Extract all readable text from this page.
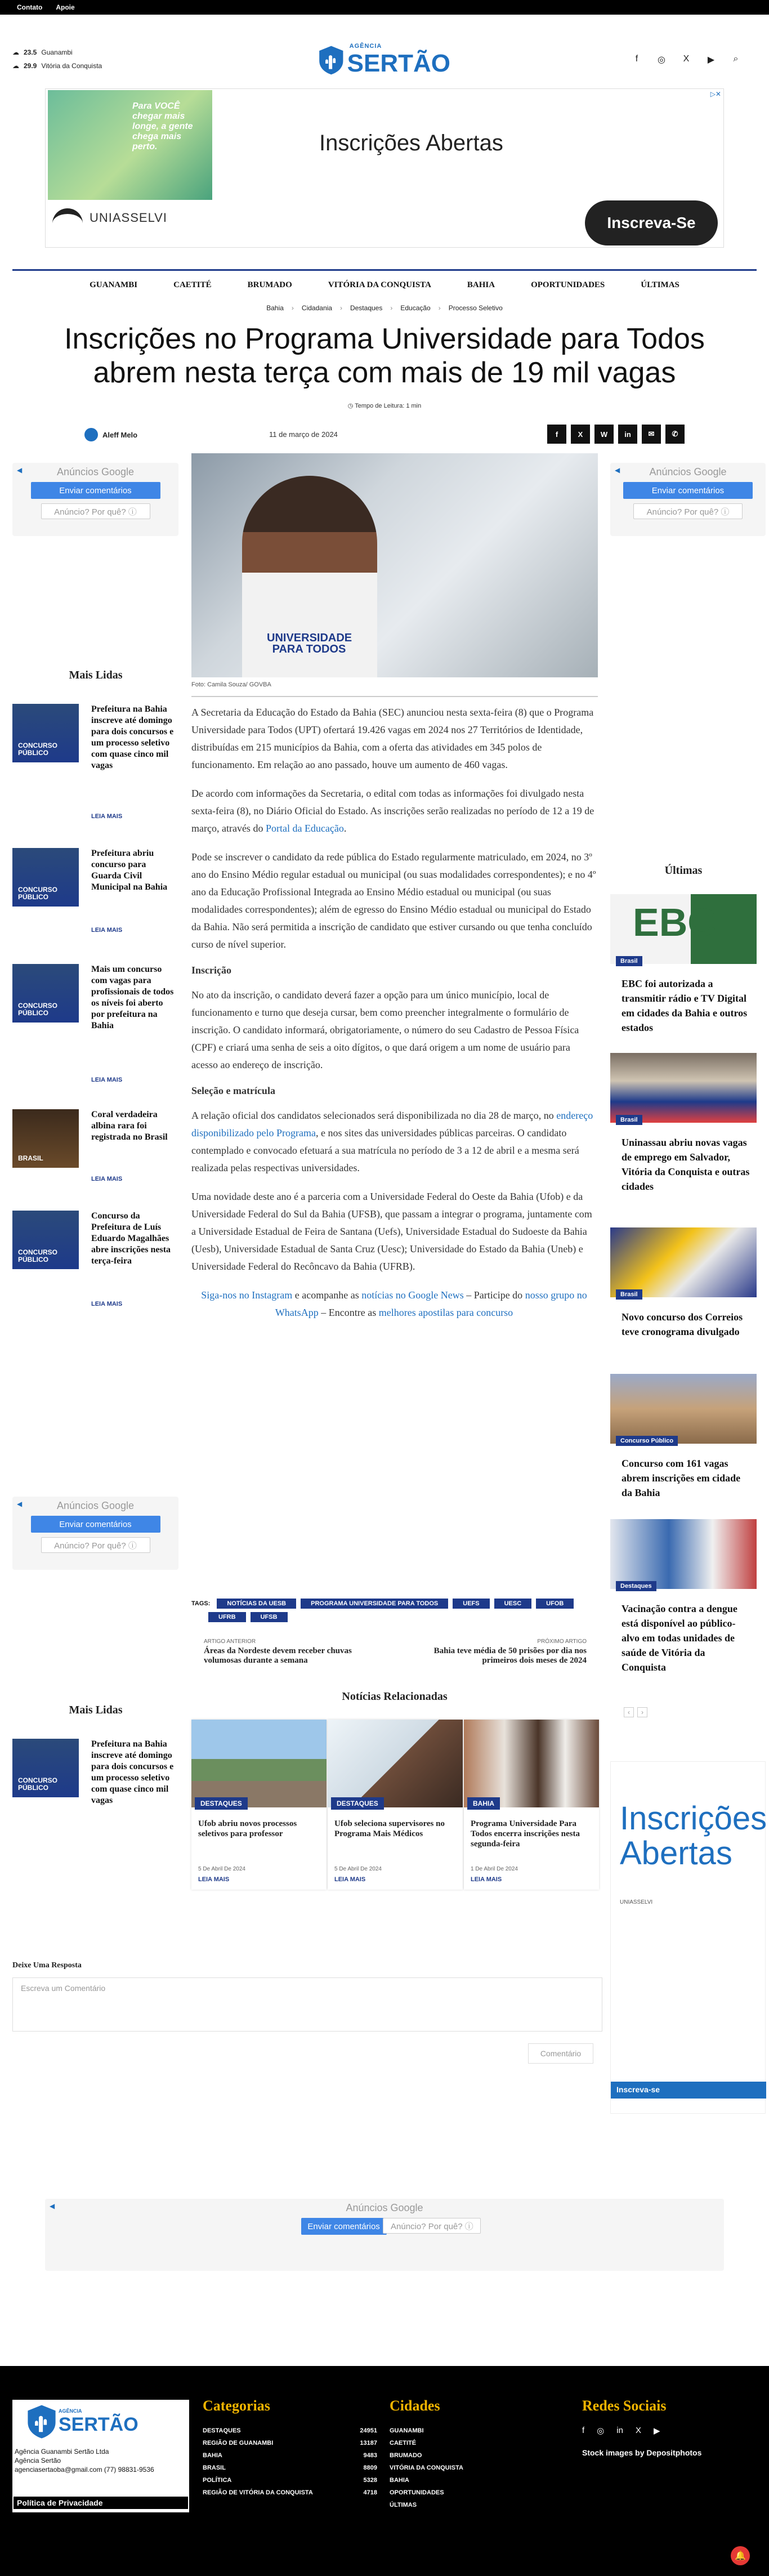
Contato Apoie
☁ 23.5 Guanambi
☁ 29.9 Vitória da Conquista
AGÊNCIA
SERTÃO	f	◎ X ▶ ⌕
Para VOCÊ chegar mais longe, a gente chega mais perto.	Inscrições Abertas
UNIASSELVI	Inscreva-Se
▷✕
GUANAMBI	CAETITÉ	BRUMADO	VITÓRIA DA CONQUISTA	BAHIA	OPORTUNIDADES	ÚLTIMAS
Bahia › Cidadania › Destaques › Educação › Processo Seletivo
Inscrições no Programa Universidade para Todos abrem nesta terça com mais de 19 mil vagas
◷ Tempo de Leitura: 1 min
Aleff Melo	11 de março de 2024	f	X	W	in	✉	✆
◀	Anúncios Google
Enviar comentários
Anúncio? Por quê? ⓘ
◀	Anúncios Google
Enviar comentários
Anúncio? Por quê? ⓘ
UNIVERSIDADE PARA TODOS
Foto: Camila Souza/ GOVBA

A Secretaria da Educação do Estado da Bahia (SEC) anunciou nesta sexta-feira (8) que o Programa Universidade para Todos (UPT) ofertará 19.426 vagas em 2024 nos 27 Territórios de Identidade, distribuídas em 215 municípios da Bahia, com a oferta das atividades em 345 polos de funcionamento. Em relação ao ano passado, houve um aumento de 460 vagas.

De acordo com informações da Secretaria, o edital com todas as informações foi divulgado nesta sexta-feira (8), no Diário Oficial do Estado. As inscrições serão realizadas no período de 12 a 19 de março, através do Portal da Educação.

Pode se inscrever o candidato da rede pública do Estado regularmente matriculado, em 2024, no 3º ano do Ensino Médio regular estadual ou municipal (ou suas modalidades correspondentes); e no 4º ano da Educação Profissional Integrada ao Ensino Médio estadual ou municipal (ou suas modalidades correspondentes); além de egresso do Ensino Médio estadual ou municipal do Estado da Bahia. Não será permitida a inscrição de candidato que estiver cursando ou que tenha concluído curso de nível superior.

Inscrição

No ato da inscrição, o candidato deverá fazer a opção para um único município, local de funcionamento e turno que deseja cursar, bem como preencher integralmente o formulário de inscrição. O candidato informará, obrigatoriamente, o número do seu Cadastro de Pessoa Física (CPF) e criará uma senha de seis a oito dígitos, o que dará origem a um nome de usuário para acesso ao endereço de inscrição.

Seleção e matrícula

A relação oficial dos candidatos selecionados será disponibilizada no dia 28 de março, no endereço disponibilizado pelo Programa, e nos sites das universidades públicas parceiras. O candidato contemplado e convocado efetuará a sua matrícula no período de 3 a 12 de abril e a mesma será realizada pelas respectivas universidades.

Uma novidade deste ano é a parceria com a Universidade Federal do Oeste da Bahia (Ufob) e da Universidade Federal do Sul da Bahia (UFSB), que passam a integrar o programa, juntamente com a Universidade Estadual de Feira de Santana (Uefs), Universidade Estadual do Sudoeste da Bahia (Uesb), Universidade Estadual de Santa Cruz (Uesc); Universidade do Estado da Bahia (Uneb) e Universidade Federal do Recôncavo da Bahia (UFRB).

Siga-nos no Instagram e acompanhe as notícias no Google News – Participe do nosso grupo no WhatsApp – Encontre as melhores apostilas para concurso

TAGS:	NOTÍCIAS DA UESB	PROGRAMA UNIVERSIDADE PARA TODOS	UEFS	UESC	UFOB
UFRB	UFSB
ARTIGO ANTERIOR
Áreas da Nordeste devem receber chuvas volumosas durante a semana
PRÓXIMO ARTIGO
Bahia teve média de 50 prisões por dia nos primeiros dois meses de 2024
Notícias Relacionadas
DESTAQUES
Ufob abriu novos processos seletivos para professor
5 De Abril De 2024
LEIA MAIS
DESTAQUES
Ufob seleciona supervisores no Programa Mais Médicos
5 De Abril De 2024
LEIA MAIS
BAHIA
Programa Universidade Para Todos encerra inscrições nesta segunda-feira
1 De Abril De 2024
LEIA MAIS
Mais Lidas
CONCURSO PÚBLICO
Prefeitura na Bahia inscreve até domingo para dois concursos e um processo seletivo com quase cinco mil vagas
LEIA MAIS
CONCURSO PÚBLICO
Prefeitura abriu concurso para Guarda Civil Municipal na Bahia
LEIA MAIS
CONCURSO PÚBLICO
Mais um concurso com vagas para profissionais de todos os níveis foi aberto por prefeitura na Bahia
LEIA MAIS
BRASIL
Coral verdadeira albina rara foi registrada no Brasil
LEIA MAIS
CONCURSO PÚBLICO
Concurso da Prefeitura de Luís Eduardo Magalhães abre inscrições nesta terça-feira
LEIA MAIS
◀	Anúncios Google
Enviar comentários
Anúncio? Por quê? ⓘ
Mais Lidas
CONCURSO PÚBLICO
Prefeitura na Bahia inscreve até domingo para dois concursos e um processo seletivo com quase cinco mil vagas
Últimas
EBC
Brasil
EBC foi autorizada a transmitir rádio e TV Digital em cidades da Bahia e outros estados
Brasil
Uninassau abriu novas vagas de emprego em Salvador, Vitória da Conquista e outras cidades
Brasil
Novo concurso dos Correios teve cronograma divulgado
Concurso Público
Concurso com 161 vagas abrem inscrições em cidade da Bahia
Destaques
Vacinação contra a dengue está disponível ao público-alvo em todas unidades de saúde de Vitória da Conquista
‹	›
Inscrições Abertas
UNIASSELVI
Inscreva-se
Deixe Uma Resposta
Escreva um Comentário
Comentário
◀	Anúncios Google
Enviar comentários	Anúncio? Por quê? ⓘ
AGÊNCIA
SERTÃO
Agência Guanambi Sertão Ltda
Agência Sertão
agenciasertaoba@gmail.com (77) 98831-9536
Política de Privacidade
Categorias
DESTAQUES	24951
REGIÃO DE GUANAMBI	13187
BAHIA	9483
BRASIL	8809
POLÍTICA	5328
REGIÃO DE VITÓRIA DA CONQUISTA	4718
Cidades
GUANAMBI
CAETITÉ
BRUMADO
VITÓRIA DA CONQUISTA
BAHIA
OPORTUNIDADES
ÚLTIMAS
Redes Sociais
f ◎ in X ▶
Stock images by Depositphotos
🔔
